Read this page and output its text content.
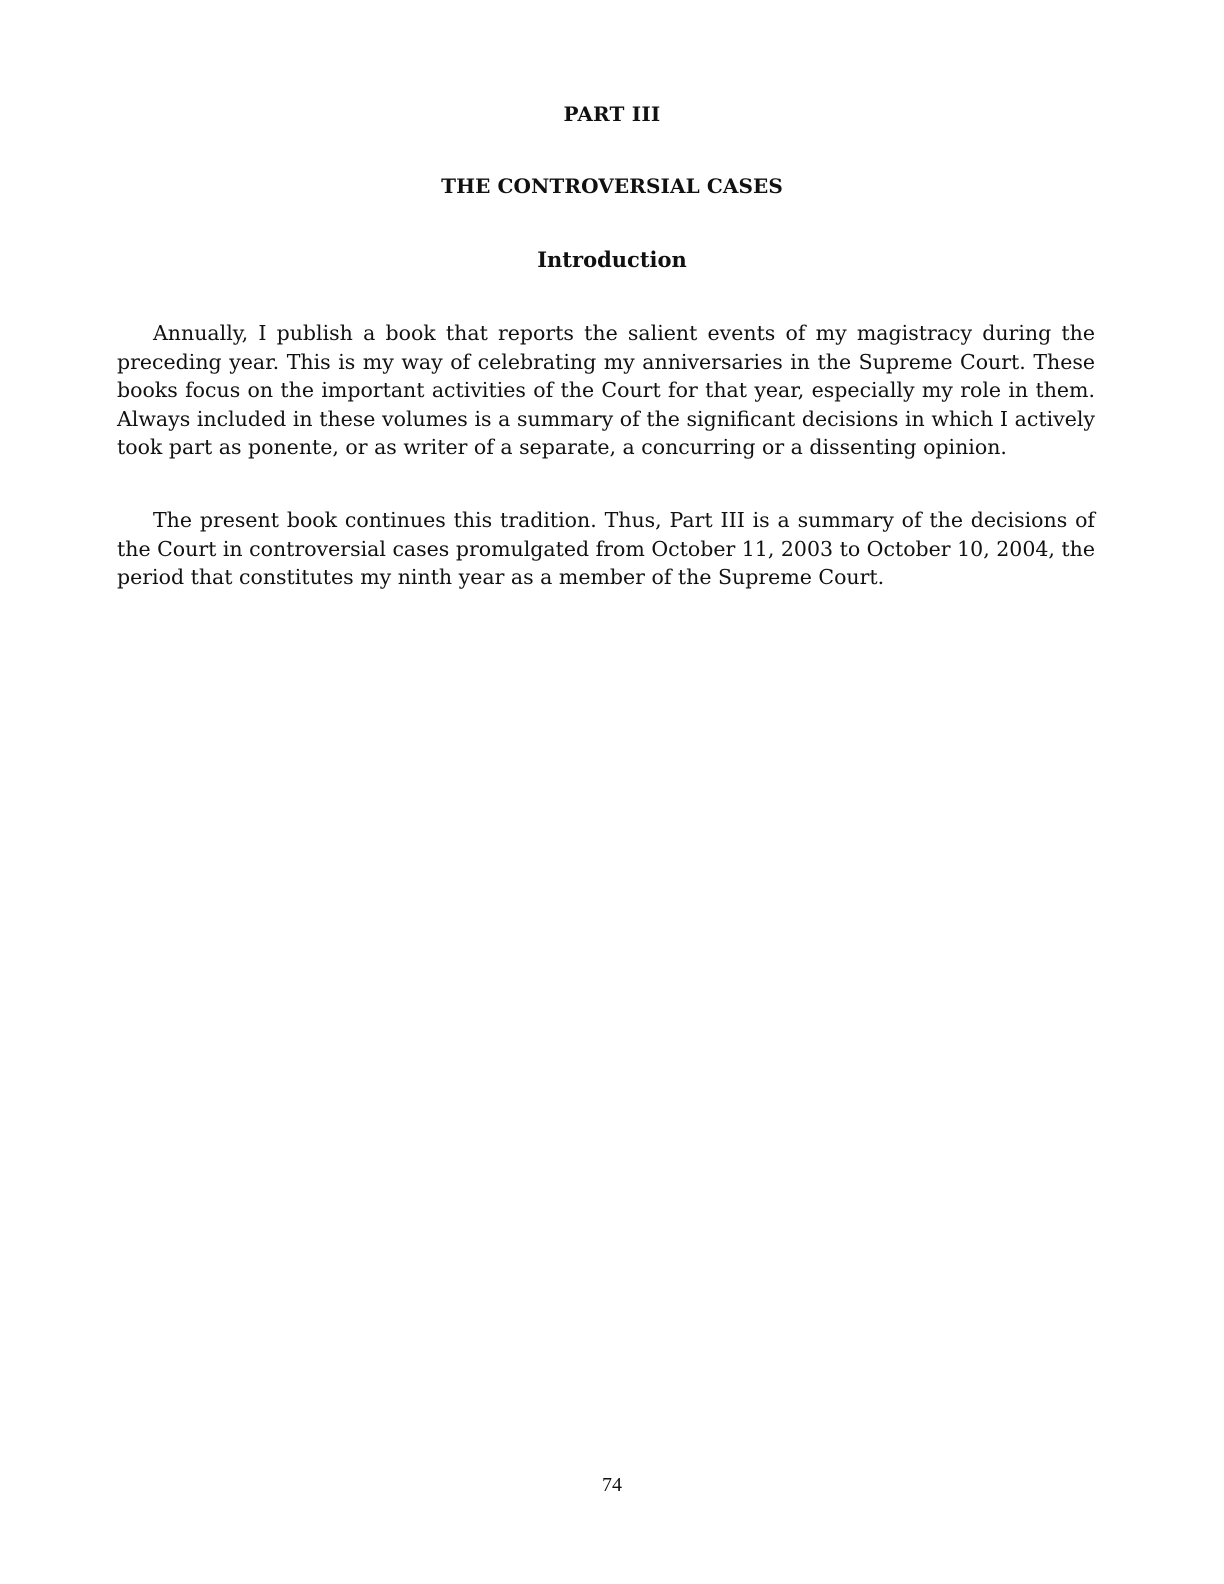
PART III
THE CONTROVERSIAL CASES
Introduction

Annually, I publish a book that reports the salient events of my magistracy during the preceding year. This is my way of celebrating my anniversaries in the Supreme Court. These books focus on the important activities of the Court for that year, especially my role in them. Always included in these volumes is a summary of the significant decisions in which I actively took part as ponente, or as writer of a separate, a concurring or a dissenting opinion.

The present book continues this tradition. Thus, Part III is a summary of the decisions of the Court in controversial cases promulgated from October 11, 2003 to October 10, 2004, the period that constitutes my ninth year as a member of the Supreme Court.

74
